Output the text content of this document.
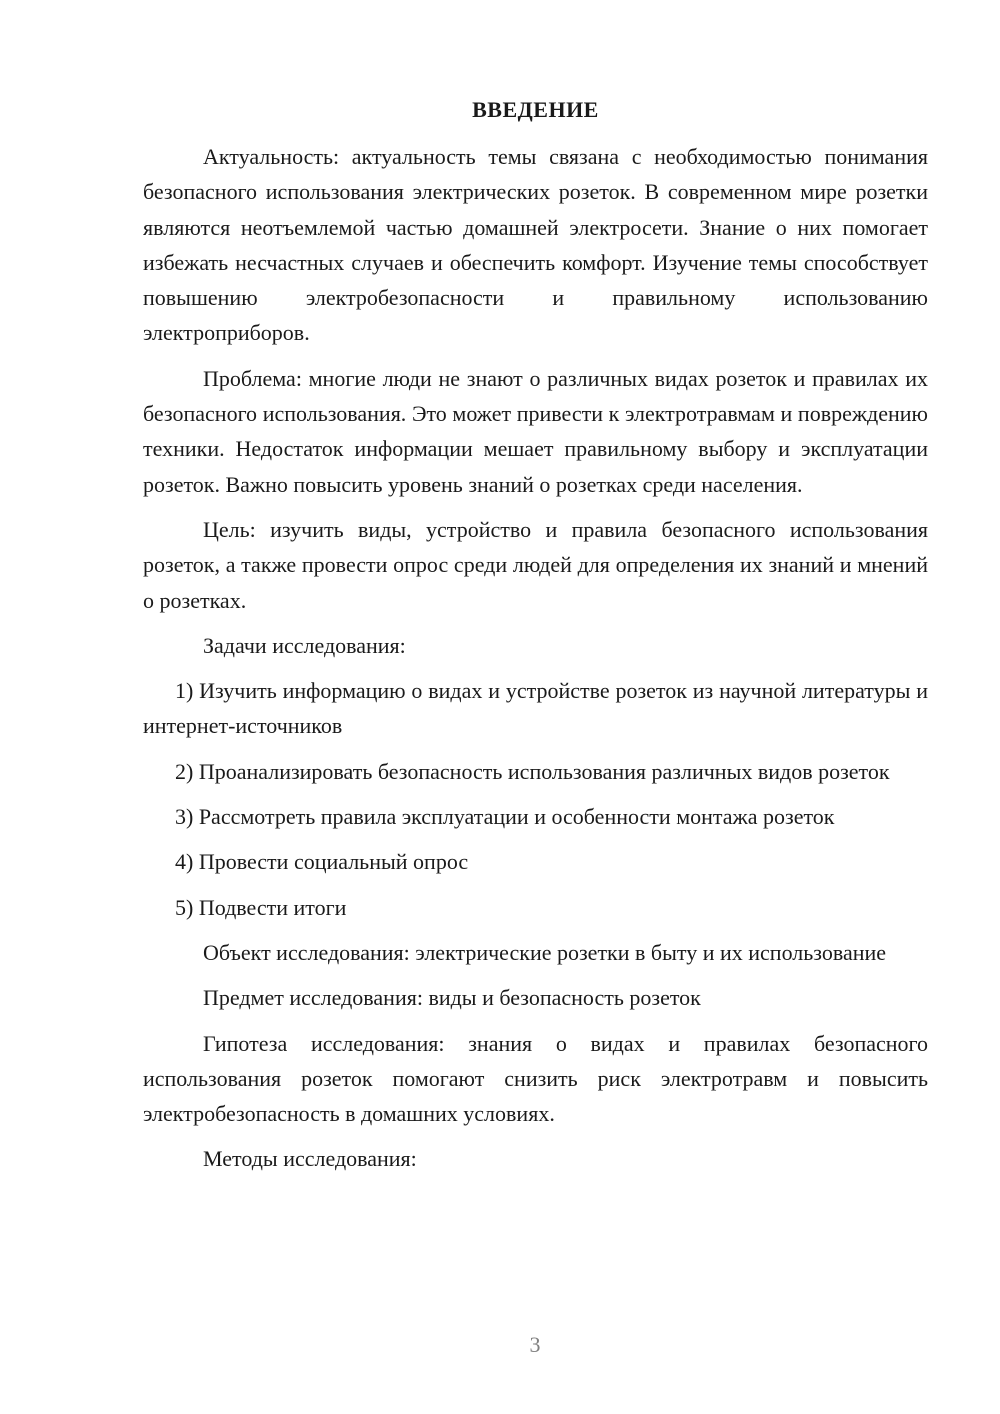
ВВЕДЕНИЕ

Актуальность: актуальность темы связана с необходимостью понимания безопасного использования электрических розеток. В современном мире розетки являются неотъемлемой частью домашней электросети. Знание о них помогает избежать несчастных случаев и обеспечить комфорт. Изучение темы способствует повышению электробезопасности и правильному использованию электроприборов.

Проблема: многие люди не знают о различных видах розеток и правилах их безопасного использования. Это может привести к электротравмам и повреждению техники. Недостаток информации мешает правильному выбору и эксплуатации розеток. Важно повысить уровень знаний о розетках среди населения.

Цель: изучить виды, устройство и правила безопасного использования розеток, а также провести опрос среди людей для определения их знаний и мнений о розетках.

Задачи исследования:

1) Изучить информацию о видах и устройстве розеток из научной литературы и интернет-источников

2) Проанализировать безопасность использования различных видов розеток

3) Рассмотреть правила эксплуатации и особенности монтажа розеток

4) Провести социальный опрос

5) Подвести итоги

Объект исследования: электрические розетки в быту и их использование

Предмет исследования: виды и безопасность розеток

Гипотеза исследования: знания о видах и правилах безопасного использования розеток помогают снизить риск электротравм и повысить электробезопасность в домашних условиях.

Методы исследования:

3
